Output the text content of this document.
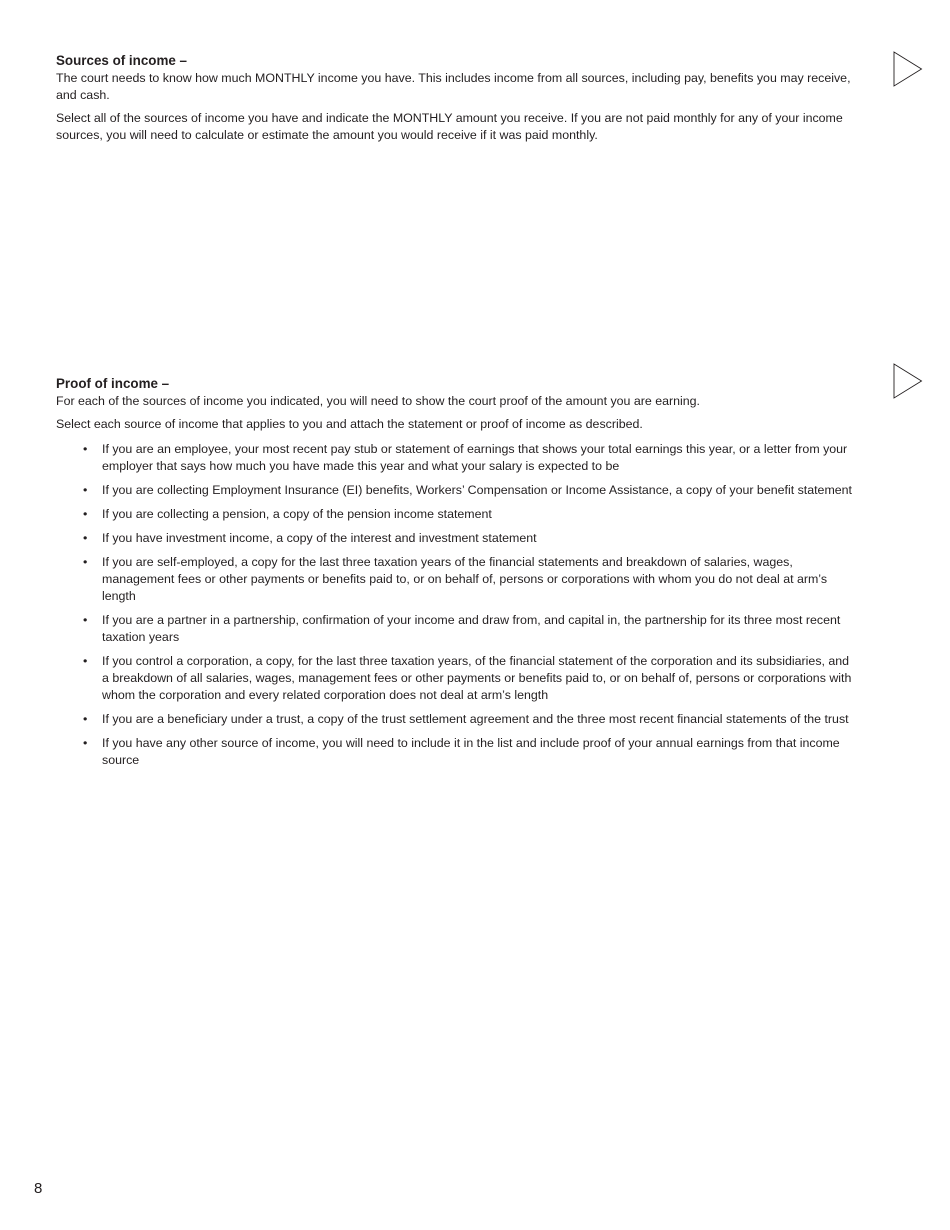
Sources of income –

The court needs to know how much MONTHLY income you have. This includes income from all sources, including pay, benefits you may receive, and cash.

Select all of the sources of income you have and indicate the MONTHLY amount you receive. If you are not paid monthly for any of your income sources, you will need to calculate or estimate the amount you would receive if it was paid monthly.

Proof of income –

For each of the sources of income you indicated, you will need to show the court proof of the amount you are earning.

Select each source of income that applies to you and attach the statement or proof of income as described.

• If you are an employee, your most recent pay stub or statement of earnings that shows your total earnings this year, or a letter from your employer that says how much you have made this year and what your salary is expected to be
• If you are collecting Employment Insurance (EI) benefits, Workers’ Compensation or Income Assistance, a copy of your benefit statement
• If you are collecting a pension, a copy of the pension income statement
• If you have investment income, a copy of the interest and investment statement
• If you are self-employed, a copy for the last three taxation years of the financial statements and breakdown of salaries, wages, management fees or other payments or benefits paid to, or on behalf of, persons or corporations with whom you do not deal at arm’s length
• If you are a partner in a partnership, confirmation of your income and draw from, and capital in, the partnership for its three most recent taxation years
• If you control a corporation, a copy, for the last three taxation years, of the financial statement of the corporation and its subsidiaries, and a breakdown of all salaries, wages, management fees or other payments or benefits paid to, or on behalf of, persons or corporations with whom the corporation and every related corporation does not deal at arm’s length
• If you are a beneficiary under a trust, a copy of the trust settlement agreement and the three most recent financial statements of the trust
• If you have any other source of income, you will need to include it in the list and include proof of your annual earnings from that income source
8
